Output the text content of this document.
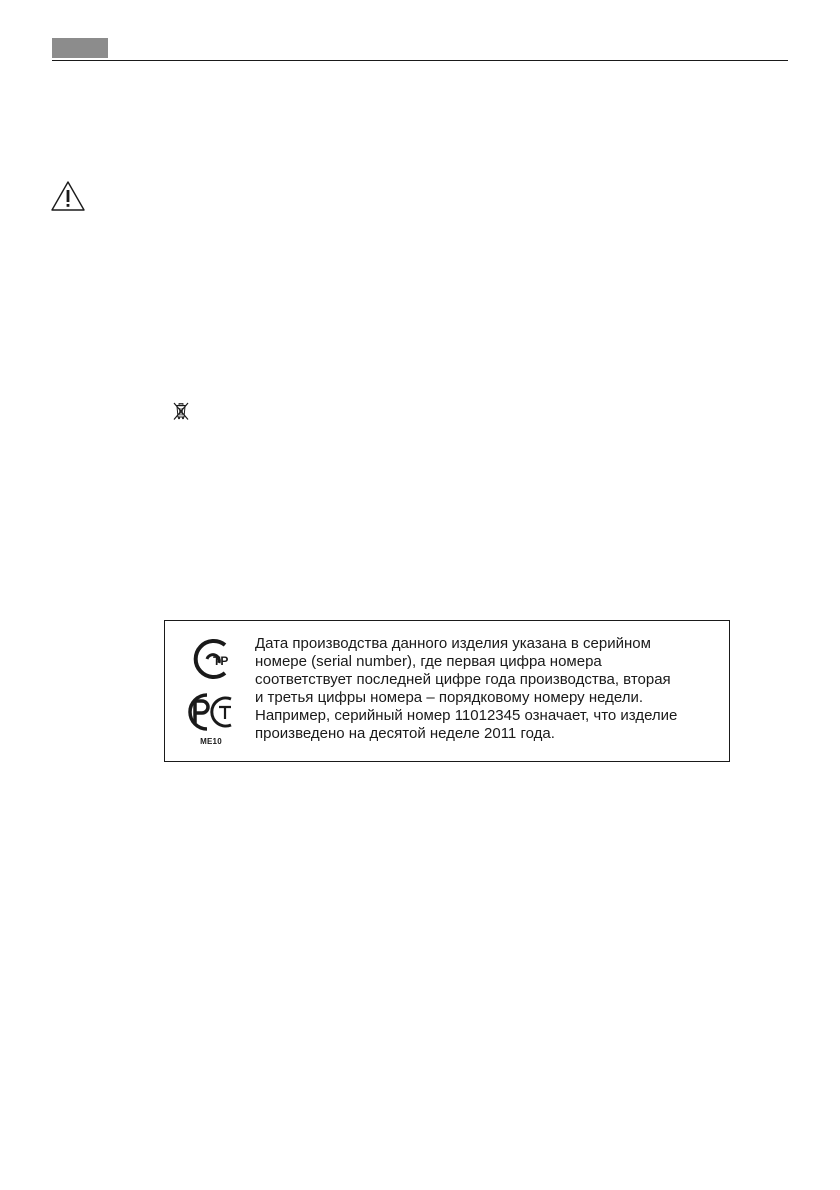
ТР
ME10

Дата производства данного изделия указана в серийном

номере (serial number), где первая цифра номера

соответствует последней цифре года производства, вторая

и третья цифры номера – порядковому номеру недели.

Например, серийный номер 11012345 означает, что изделие

произведено на десятой неделе 2011 года.
